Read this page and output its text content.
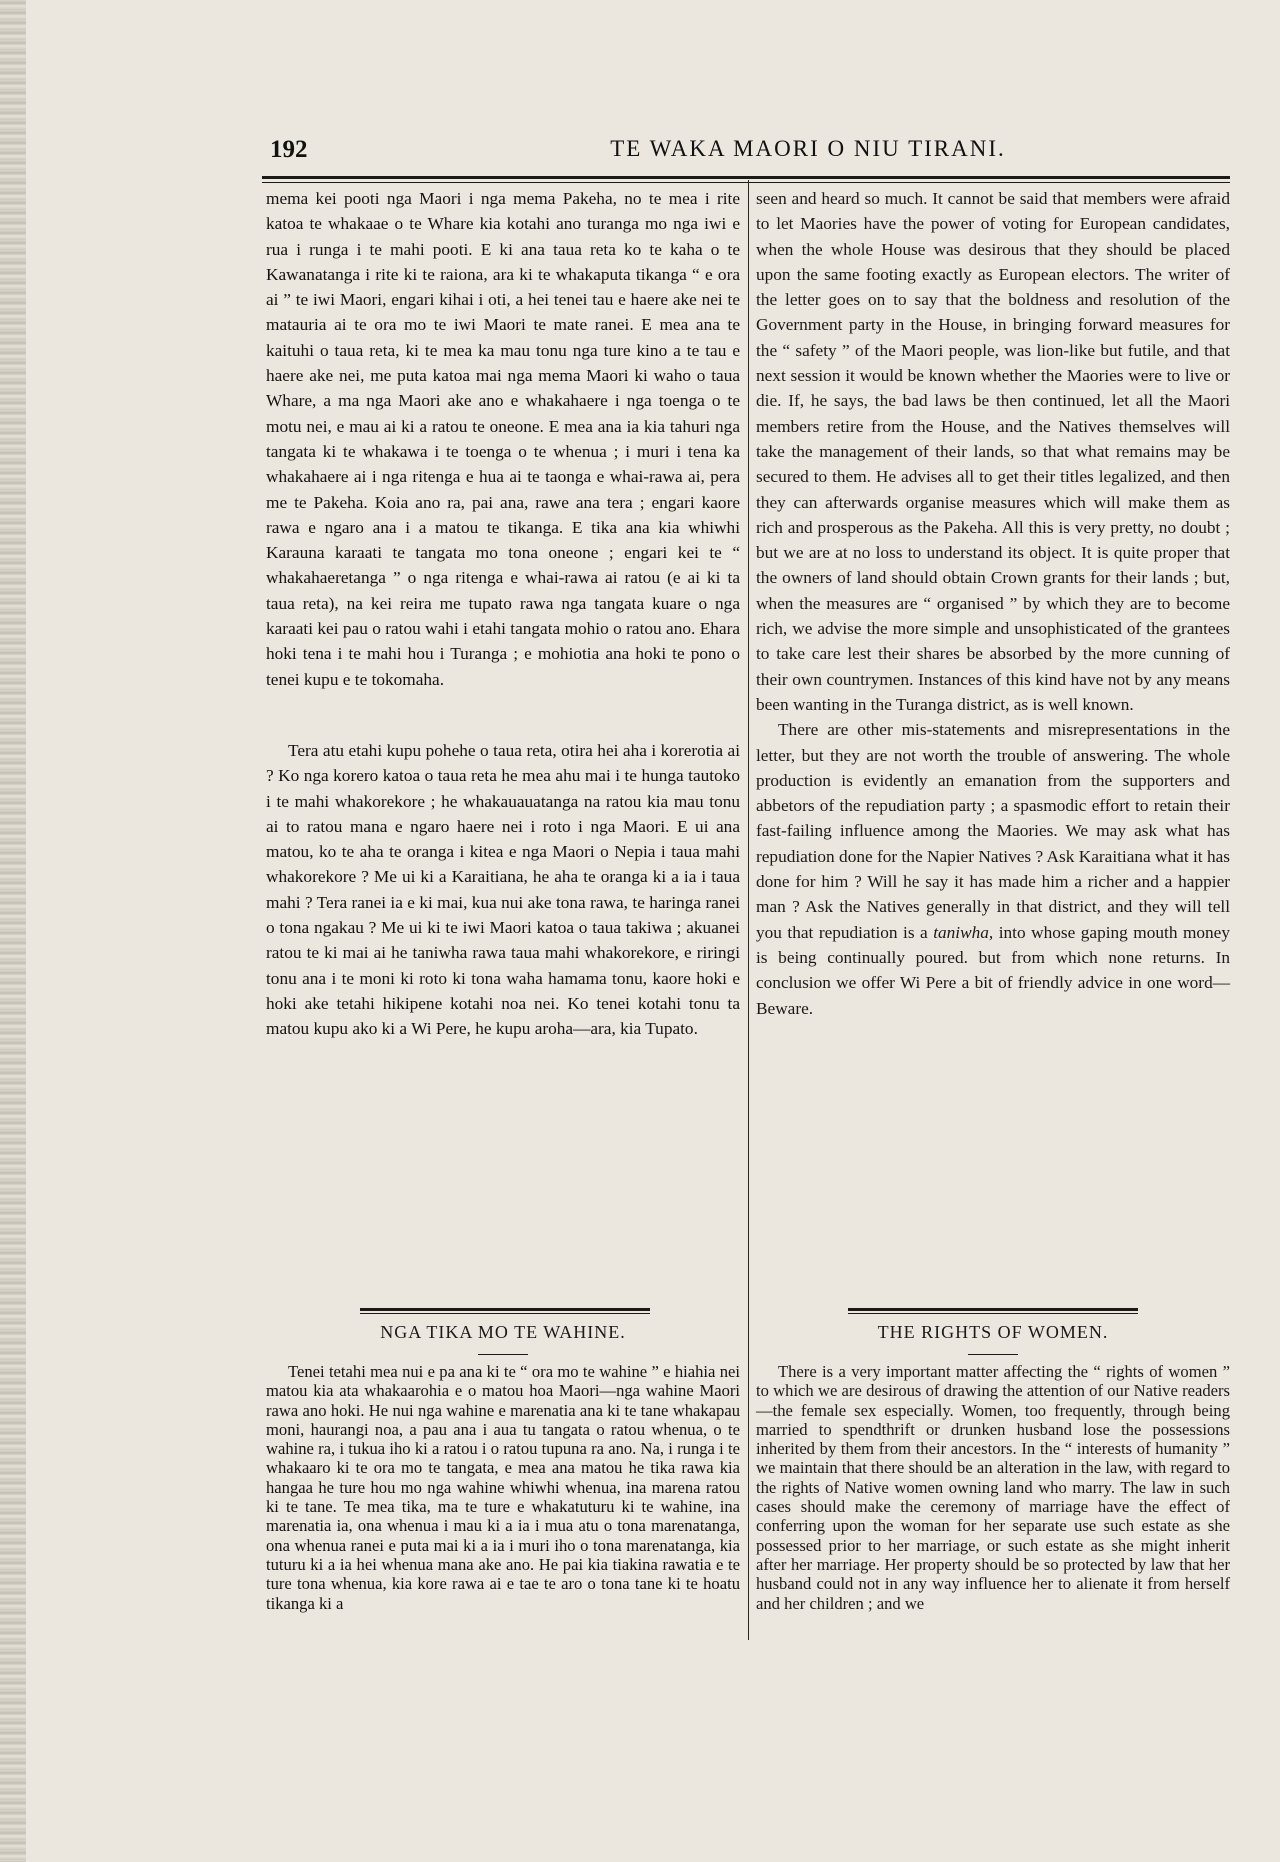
192	TE WAKA MAORI O NIU TIRANI.

mema kei pooti nga Maori i nga mema Pakeha, no te mea i rite katoa te whakaae o te Whare kia kotahi ano turanga mo nga iwi e rua i runga i te mahi pooti. E ki ana taua reta ko te kaha o te Kawanatanga i rite ki te raiona, ara ki te whakaputa tikanga “ e ora ai ” te iwi Maori, engari kihai i oti, a hei tenei tau e haere ake nei te matauria ai te ora mo te iwi Maori te mate ranei. E mea ana te kaituhi o taua reta, ki te mea ka mau tonu nga ture kino a te tau e haere ake nei, me puta katoa mai nga mema Maori ki waho o taua Whare, a ma nga Maori ake ano e whakahaere i nga toenga o te motu nei, e mau ai ki a ratou te oneone. E mea ana ia kia tahuri nga tangata ki te whakawa i te toenga o te whenua ; i muri i tena ka whakahaere ai i nga ritenga e hua ai te taonga e whai-rawa ai, pera me te Pakeha. Koia ano ra, pai ana, rawe ana tera ; engari kaore rawa e ngaro ana i a matou te tikanga. E tika ana kia whiwhi Karauna karaati te tangata mo tona oneone ; engari kei te “ whakahaeretanga ” o nga ritenga e whai-rawa ai ratou (e ai ki ta taua reta), na kei reira me tupato rawa nga tangata kuare o nga karaati kei pau o ratou wahi i etahi tangata mohio o ratou ano. Ehara hoki tena i te mahi hou i Turanga ; e mohiotia ana hoki te pono o tenei kupu e te tokomaha.

Tera atu etahi kupu pohehe o taua reta, otira hei aha i korerotia ai ? Ko nga korero katoa o taua reta he mea ahu mai i te hunga tautoko i te mahi whakorekore ; he whakauauatanga na ratou kia mau tonu ai to ratou mana e ngaro haere nei i roto i nga Maori. E ui ana matou, ko te aha te oranga i kitea e nga Maori o Nepia i taua mahi whakorekore ? Me ui ki a Karaitiana, he aha te oranga ki a ia i taua mahi ? Tera ranei ia e ki mai, kua nui ake tona rawa, te haringa ranei o tona ngakau ? Me ui ki te iwi Maori katoa o taua takiwa ; akuanei ratou te ki mai ai he taniwha rawa taua mahi whakorekore, e riringi tonu ana i te moni ki roto ki tona waha hamama tonu, kaore hoki e hoki ake tetahi hikipene kotahi noa nei. Ko tenei kotahi tonu ta matou kupu ako ki a Wi Pere, he kupu aroha—ara, kia Tupato.

seen and heard so much. It cannot be said that members were afraid to let Maories have the power of voting for European candidates, when the whole House was desirous that they should be placed upon the same footing exactly as European electors. The writer of the letter goes on to say that the boldness and resolution of the Government party in the House, in bringing forward measures for the “ safety ” of the Maori people, was lion-like but futile, and that next session it would be known whether the Maories were to live or die. If, he says, the bad laws be then continued, let all the Maori members retire from the House, and the Natives themselves will take the management of their lands, so that what remains may be secured to them. He advises all to get their titles legalized, and then they can afterwards organise measures which will make them as rich and prosperous as the Pakeha. All this is very pretty, no doubt ; but we are at no loss to understand its object. It is quite proper that the owners of land should obtain Crown grants for their lands ; but, when the measures are “ organised ” by which they are to become rich, we advise the more simple and unsophisticated of the grantees to take care lest their shares be absorbed by the more cunning of their own countrymen. Instances of this kind have not by any means been wanting in the Turanga district, as is well known.

There are other mis-statements and misrepresentations in the letter, but they are not worth the trouble of answering. The whole production is evidently an emanation from the supporters and abbetors of the repudiation party ; a spasmodic effort to retain their fast-failing influence among the Maories. We may ask what has repudiation done for the Napier Natives ? Ask Karaitiana what it has done for him ? Will he say it has made him a richer and a happier man ? Ask the Natives generally in that district, and they will tell you that repudiation is a taniwha, into whose gaping mouth money is being continually poured. but from which none returns. In conclusion we offer Wi Pere a bit of friendly advice in one word—Beware.

NGA TIKA MO TE WAHINE.	THE RIGHTS OF WOMEN.

Tenei tetahi mea nui e pa ana ki te “ ora mo te wahine ” e hiahia nei matou kia ata whakaarohia e o matou hoa Maori—nga wahine Maori rawa ano hoki. He nui nga wahine e marenatia ana ki te tane whakapau moni, haurangi noa, a pau ana i aua tu tangata o ratou whenua, o te wahine ra, i tukua iho ki a ratou i o ratou tupuna ra ano. Na, i runga i te whakaaro ki te ora mo te tangata, e mea ana matou he tika rawa kia hangaa he ture hou mo nga wahine whiwhi whenua, ina marena ratou ki te tane. Te mea tika, ma te ture e whakatuturu ki te wahine, ina marenatia ia, ona whenua i mau ki a ia i mua atu o tona marenatanga, ona whenua ranei e puta mai ki a ia i muri iho o tona marenatanga, kia tuturu ki a ia hei whenua mana ake ano. He pai kia tiakina rawatia e te ture tona whenua, kia kore rawa ai e tae te aro o tona tane ki te hoatu tikanga ki a

There is a very important matter affecting the “ rights of women ” to which we are desirous of drawing the attention of our Native readers—the female sex especially. Women, too frequently, through being married to spendthrift or drunken husband lose the possessions inherited by them from their ancestors. In the “ interests of humanity ” we maintain that there should be an alteration in the law, with regard to the rights of Native women owning land who marry. The law in such cases should make the ceremony of marriage have the effect of conferring upon the woman for her separate use such estate as she possessed prior to her marriage, or such estate as she might inherit after her marriage. Her property should be so protected by law that her husband could not in any way influence her to alienate it from herself and her children ; and we
